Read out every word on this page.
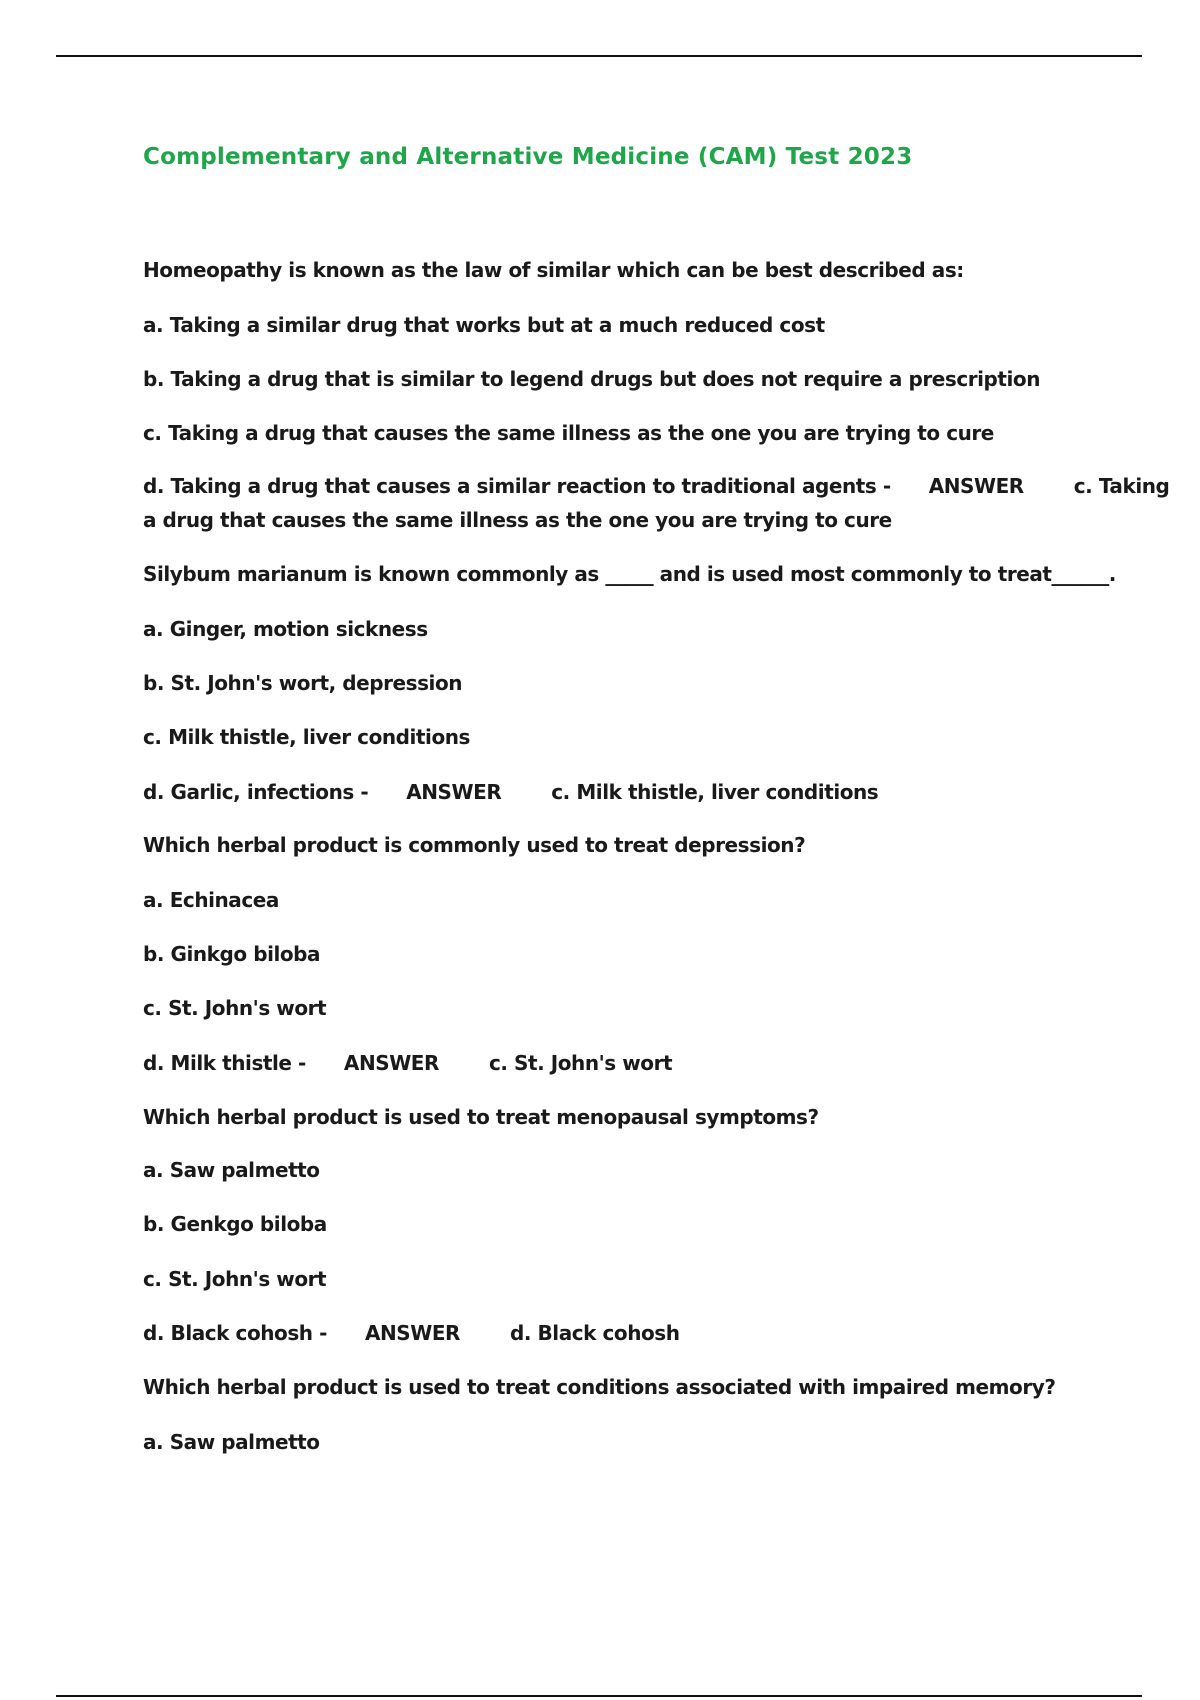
Complementary and Alternative Medicine (CAM) Test 2023
Homeopathy is known as the law of similar which can be best described as:
a. Taking a similar drug that works but at a much reduced cost
b. Taking a drug that is similar to legend drugs but does not require a prescription
c. Taking a drug that causes the same illness as the one you are trying to cure
d. Taking a drug that causes a similar reaction to traditional agents - ANSWER	c. Taking
a drug that causes the same illness as the one you are trying to cure
Silybum marianum is known commonly as _____ and is used most commonly to treat______.
a. Ginger, motion sickness
b. St. John's wort, depression
c. Milk thistle, liver conditions
d. Garlic, infections - ANSWER	c. Milk thistle, liver conditions
Which herbal product is commonly used to treat depression?
a. Echinacea
b. Ginkgo biloba
c. St. John's wort
d. Milk thistle - ANSWER	c. St. John's wort
Which herbal product is used to treat menopausal symptoms?
a. Saw palmetto
b. Genkgo biloba
c. St. John's wort
d. Black cohosh - ANSWER	d. Black cohosh
Which herbal product is used to treat conditions associated with impaired memory?
a. Saw palmetto
